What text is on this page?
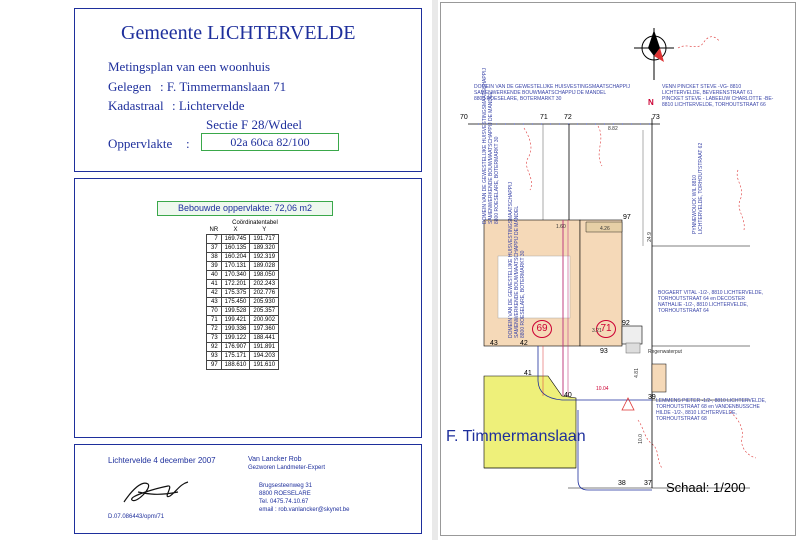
Gemeente LICHTERVELDE
Metingsplan van een woonhuis
Gelegen : F. Timmermanslaan 71
Kadastraal : Lichtervelde
Sectie F 28/Wdeel
Oppervlakte :	02a 60ca 82/100
Bebouwde oppervlakte: 72,06 m2
Coördinatentabel
NR	X	Y
7	169.745	191.717
37	160.135	189.320
38	160.204	192.319
39	170.131	189.028
40	170.340	198.050
41	172.201	202.243
42	175.375	202.776
43	175.450	205.930
70	199.528	205.357
71	199.421	200.902
72	199.336	197.360
73	199.122	188.441
92	176.907	191.891
93	175.171	194.203
97	188.610	191.610
Lichtervelde 4 december 2007	Van Lancker Rob
Gezworen Landmeter-Expert
Brugsesteenweg 31
8800 ROESELARE
Tel. 0475.74.10.67
email : rob.vanlancker@skynet.be
D.07.086443/opm/71
N
70	71 72	73
97
92
93
42
43
41
40	39
38	37
69	71
8.82
24.9
4.81
10.04
10.0
1.60	4.26
3.21
Regenwaterput
DOMEIN VAN DE GEWESTELIJKE HUISVESTINGSMAATSCHAPPIJ
SAMENWERKENDE BOUWMAATSCHAPPIJ DE MANDEL
8800 ROESELARE, BOTERMARKT 30
VENN PINCKET STEVE -VG- 8810
LICHTERVELDE, BEVERENSTRAAT 61
PINCKET STEVE - LABEEUW CHARLOTTE -BE-
8810 LICHTERVELDE, TORHOUTSTRAAT 66
DOMEIN VAN DE GEWESTELIJKE HUISVESTINGSMAATSCHAPPIJ SAMENWERKENDE BOUWMAATSCHAPPIJ DE MANDEL 8800 ROESELARE, BOTERMARKT 30
DOMEIN VAN DE GEWESTELIJKE HUISVESTINGSMAATSCHAPPIJ SAMENWERKENDE BOUWMAATSCHAPPIJ DE MANDEL 8800 ROESELARE, BOTERMARKT 30
PYNNEWOUCK WIL 8810 LICHTERVELDE, TORHOUTSTRAAT 62
BOGAERT VITAL -1/2-, 8810 LICHTERVELDE,
TORHOUTSTRAAT 64 en DECOSTER
NATHALIE -1/2-, 8810 LICHTERVELDE,
TORHOUTSTRAAT 64
LEMMENS PIETER -1/2-, 8810 LICHTERVELDE,
TORHOUTSTRAAT 68 en VANDENBUSSCHE
HILDE -1/2-, 8810 LICHTERVELDE,
TORHOUTSTRAAT 68
F. Timmermanslaan
Schaal: 1/200
